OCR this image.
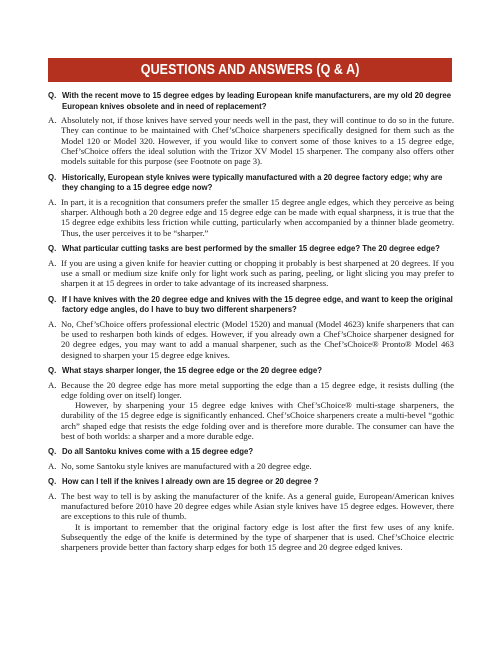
QUESTIONS AND ANSWERS (Q & A)
Q. With the recent move to 15 degree edges by leading European knife manufacturers, are my old 20 degree European knives obsolete and in need of replacement?
A. Absolutely not, if those knives have served your needs well in the past, they will continue to do so in the future. They can continue to be maintained with Chef’sChoice sharpeners specifically designed for them such as the Model 120 or Model 320. However, if you would like to convert some of those knives to a 15 degree edge, Chef’sChoice offers the ideal solution with the Trizor XV Model 15 sharpener. The company also offers other models suitable for this purpose (see Footnote on page 3).

Q. Historically, European style knives were typically manufactured with a 20 degree factory edge; why are they changing to a 15 degree edge now?
A. In part, it is a recognition that consumers prefer the smaller 15 degree angle edges, which they perceive as being sharper. Although both a 20 degree edge and 15 degree edge can be made with equal sharpness, it is true that the 15 degree edge exhibits less friction while cutting, particularly when accompanied by a thinner blade geometry. Thus, the user perceives it to be “sharper.”

Q. What particular cutting tasks are best performed by the smaller 15 degree edge? The 20 degree edge?
A. If you are using a given knife for heavier cutting or chopping it probably is best sharpened at 20 degrees. If you use a small or medium size knife only for light work such as paring, peeling, or light slicing you may prefer to sharpen it at 15 degrees in order to take advantage of its increased sharpness.

Q. If I have knives with the 20 degree edge and knives with the 15 degree edge, and want to keep the original factory edge angles, do I have to buy two different sharpeners?
A. No, Chef’sChoice offers professional electric (Model 1520) and manual (Model 4623) knife sharpeners that can be used to resharpen both kinds of edges. However, if you already own a Chef’sChoice sharpener designed for 20 degree edges, you may want to add a manual sharpener, such as the Chef’sChoice® Pronto® Model 463 designed to sharpen your 15 degree edge knives.

Q. What stays sharper longer, the 15 degree edge or the 20 degree edge?
A. Because the 20 degree edge has more metal supporting the edge than a 15 degree edge, it resists dulling (the edge folding over on itself) longer.

However, by sharpening your 15 degree edge knives with Chef’sChoice® multi-stage sharpeners, the durability of the 15 degree edge is significantly enhanced. Chef’sChoice sharpeners create a multi-bevel “gothic arch” shaped edge that resists the edge folding over and is therefore more durable. The consumer can have the best of both worlds: a sharper and a more durable edge.

Q. Do all Santoku knives come with a 15 degree edge?
A. No, some Santoku style knives are manufactured with a 20 degree edge.

Q. How can I tell if the knives I already own are 15 degree or 20 degree ?
A. The best way to tell is by asking the manufacturer of the knife. As a general guide, European/American knives manufactured before 2010 have 20 degree edges while Asian style knives have 15 degree edges. However, there are exceptions to this rule of thumb.

It is important to remember that the original factory edge is lost after the first few uses of any knife. Subsequently the edge of the knife is determined by the type of sharpener that is used. Chef’sChoice electric sharpeners provide better than factory sharp edges for both 15 degree and 20 degree edged knives.
